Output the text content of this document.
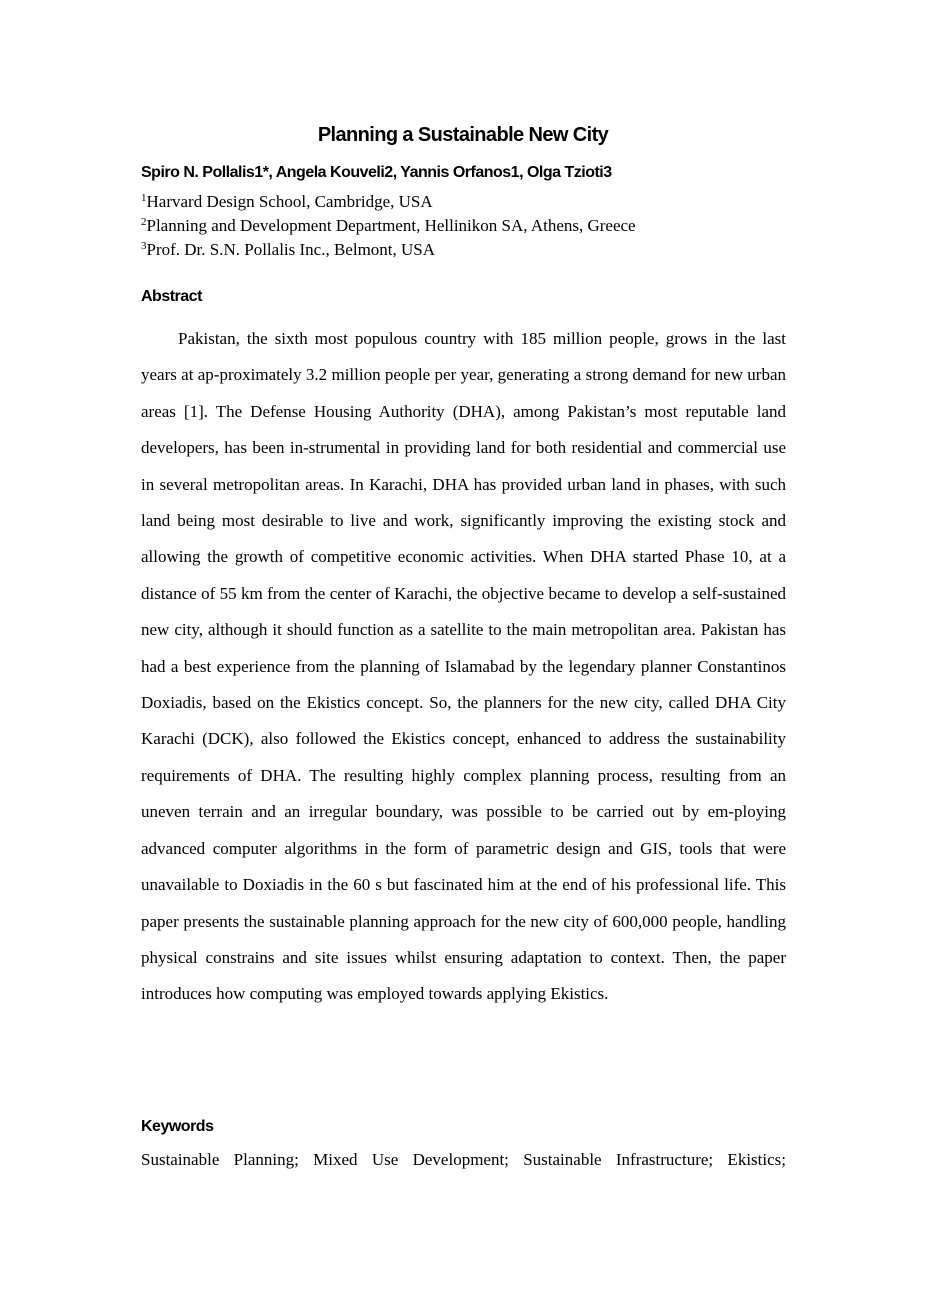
Planning a Sustainable New City
Spiro N. Pollalis1*, Angela Kouveli2, Yannis Orfanos1, Olga Tzioti3
$^1$Harvard Design School, Cambridge, USA
$^2$Planning and Development Department, Hellinikon SA, Athens, Greece
$^3$Prof. Dr. S.N. Pollalis Inc., Belmont, USA
Abstract

Pakistan, the sixth most populous country with 185 million people, grows in the last years at ap-proximately 3.2 million people per year, generating a strong demand for new urban areas [1]. The Defense Housing Authority (DHA), among Pakistan’s most reputable land developers, has been in-strumental in providing land for both residential and commercial use in several metropolitan areas. In Karachi, DHA has provided urban land in phases, with such land being most desirable to live and work, significantly improving the existing stock and allowing the growth of competitive economic activities. When DHA started Phase 10, at a distance of 55 km from the center of Karachi, the objective became to develop a self-sustained new city, although it should function as a satellite to the main metropolitan area. Pakistan has had a best experience from the planning of Islamabad by the legendary planner Constantinos Doxiadis, based on the Ekistics concept. So, the planners for the new city, called DHA City Karachi (DCK), also followed the Ekistics concept, enhanced to address the sustainability requirements of DHA. The resulting highly complex planning process, resulting from an uneven terrain and an irregular boundary, was possible to be carried out by em-ploying advanced computer algorithms in the form of parametric design and GIS, tools that were unavailable to Doxiadis in the 60 s but fascinated him at the end of his professional life. This paper presents the sustainable planning approach for the new city of 600,000 people, handling physical constrains and site issues whilst ensuring adaptation to context. Then, the paper introduces how computing was employed towards applying Ekistics.

Keywords

Sustainable Planning; Mixed Use Development; Sustainable Infrastructure; Ekistics;
